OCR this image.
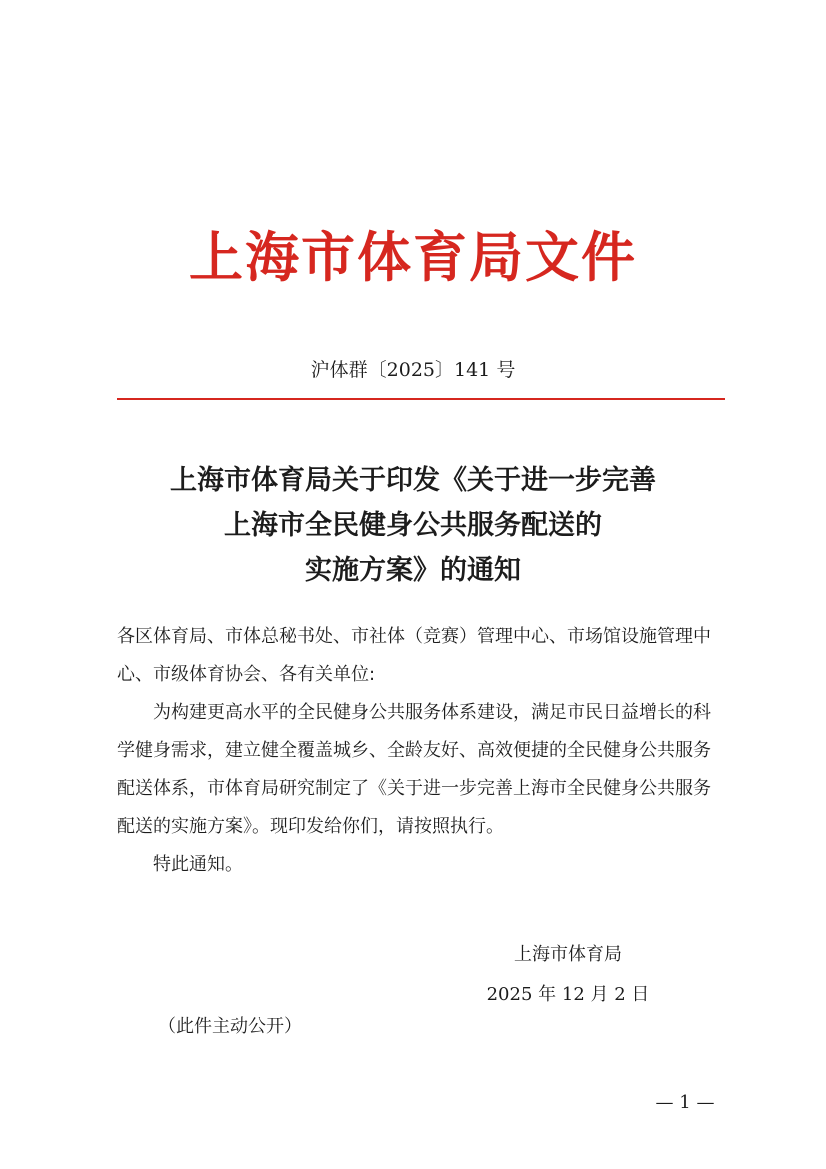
上海市体育局文件
沪体群〔2025〕141 号
上海市体育局关于印发《关于进一步完善
上海市全民健身公共服务配送的
实施方案》的通知
各区体育局、市体总秘书处、市社体（竞赛）管理中心、市场馆设施管理中心、市级体育协会、各有关单位:
为构建更高水平的全民健身公共服务体系建设，满足市民日益增长的科学健身需求，建立健全覆盖城乡、全龄友好、高效便捷的全民健身公共服务配送体系，市体育局研究制定了《关于进一步完善上海市全民健身公共服务配送的实施方案》。现印发给你们，请按照执行。
特此通知。
上海市体育局
2025 年 12 月 2 日
（此件主动公开）
— 1 —
